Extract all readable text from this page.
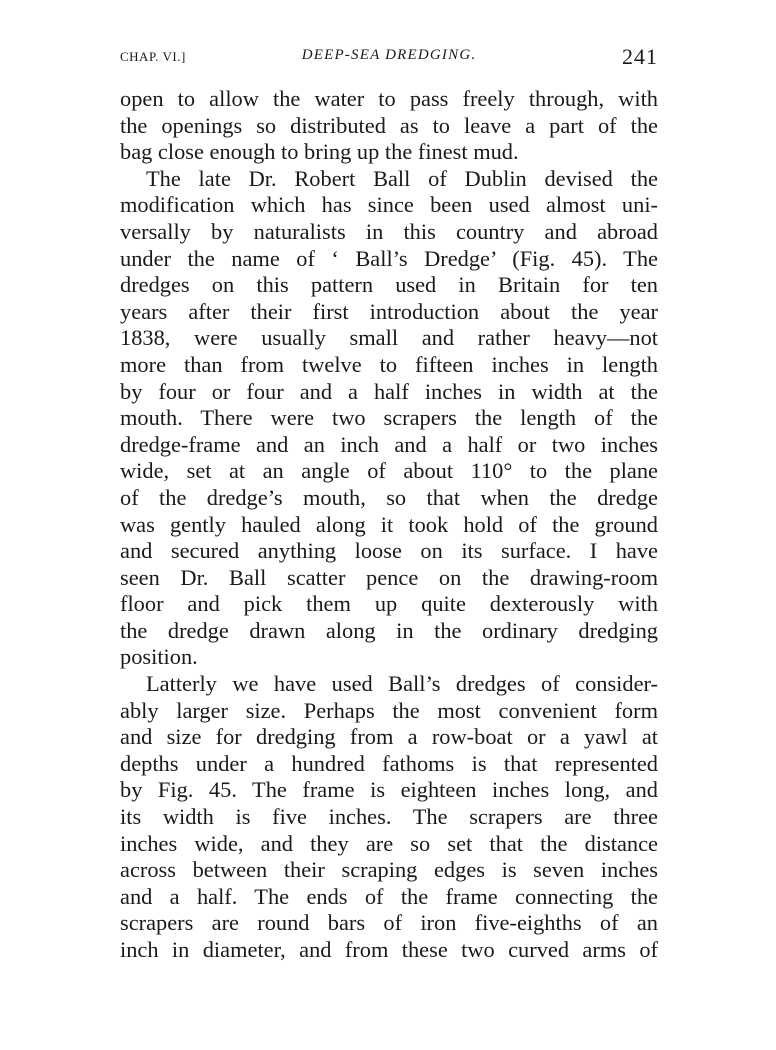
CHAP. VI.]	DEEP-SEA DREDGING.	241
open to allow the water to pass freely through, with
the openings so distributed as to leave a part of the
bag close enough to bring up the finest mud.
The late Dr. Robert Ball of Dublin devised the
modification which has since been used almost uni-
versally by naturalists in this country and abroad
under the name of ‘ Ball’s Dredge’ (Fig. 45). The
dredges on this pattern used in Britain for ten
years after their first introduction about the year
1838, were usually small and rather heavy—not
more than from twelve to fifteen inches in length
by four or four and a half inches in width at the
mouth. There were two scrapers the length of the
dredge-frame and an inch and a half or two inches
wide, set at an angle of about 110° to the plane
of the dredge’s mouth, so that when the dredge
was gently hauled along it took hold of the ground
and secured anything loose on its surface. I have
seen Dr. Ball scatter pence on the drawing-room
floor and pick them up quite dexterously with
the dredge drawn along in the ordinary dredging
position.
Latterly we have used Ball’s dredges of consider-
ably larger size. Perhaps the most convenient form
and size for dredging from a row-boat or a yawl at
depths under a hundred fathoms is that represented
by Fig. 45. The frame is eighteen inches long, and
its width is five inches. The scrapers are three
inches wide, and they are so set that the distance
across between their scraping edges is seven inches
and a half. The ends of the frame connecting the
scrapers are round bars of iron five-eighths of an
inch in diameter, and from these two curved arms of
